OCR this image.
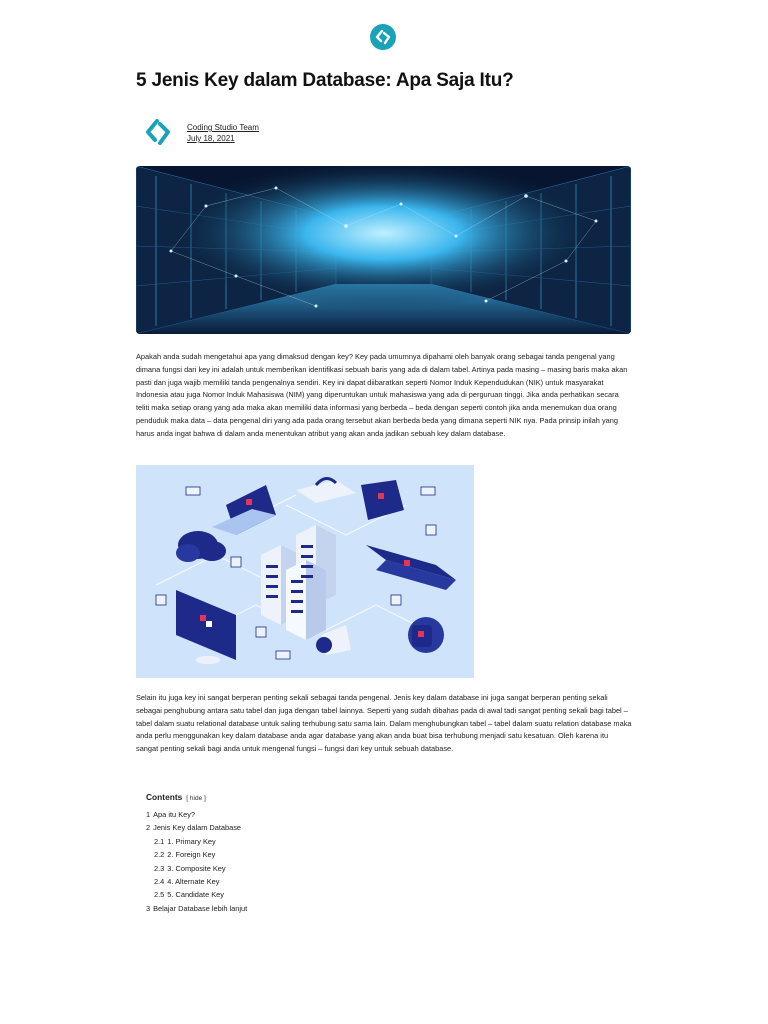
5 Jenis Key dalam Database: Apa Saja Itu?
Coding Studio Team
July 18, 2021

Apakah anda sudah mengetahui apa yang dimaksud dengan key? Key pada umumnya dipahami oleh banyak orang sebagai tanda pengenal yang dimana fungsi dari key ini adalah untuk memberikan identifikasi sebuah baris yang ada di dalam tabel. Artinya pada masing – masing baris maka akan pasti dan juga wajib memiliki tanda pengenalnya sendiri. Key ini dapat diibaratkan seperti Nomor Induk Kependudukan (NIK) untuk masyarakat Indonesia atau juga Nomor Induk Mahasiswa (NIM) yang diperuntukan untuk mahasiswa yang ada di perguruan tinggi. Jika anda perhatikan secara teliti maka setiap orang yang ada maka akan memiliki data informasi yang berbeda – beda dengan seperti contoh jika anda menemukan dua orang penduduk maka data – data pengenal diri yang ada pada orang tersebut akan berbeda beda yang dimana seperti NIK nya. Pada prinsip inilah yang harus anda ingat bahwa di dalam anda menentukan atribut yang akan anda jadikan sebuah key dalam database.

Selain itu juga key ini sangat berperan penting sekali sebagai tanda pengenal. Jenis key dalam database ini juga sangat berperan penting sekali sebagai penghubung antara satu tabel dan juga dengan tabel lainnya. Seperti yang sudah dibahas pada di awal tadi sangat penting sekali bagi tabel – tabel dalam suatu relational database untuk saling terhubung satu sama lain. Dalam menghubungkan tabel – tabel dalam suatu relation database maka anda perlu menggunakan key dalam database anda agar database yang akan anda buat bisa terhubung menjadi satu kesatuan. Oleh karena itu sangat penting sekali bagi anda untuk mengenal fungsi – fungsi dari key untuk sebuah database.

Contents [ hide ]
1 Apa itu Key?
2 Jenis Key dalam Database
2.1 1. Primary Key
2.2 2. Foreign Key
2.3 3. Composite Key
2.4 4. Alternate Key
2.5 5. Candidate Key
3 Belajar Database lebih lanjut
